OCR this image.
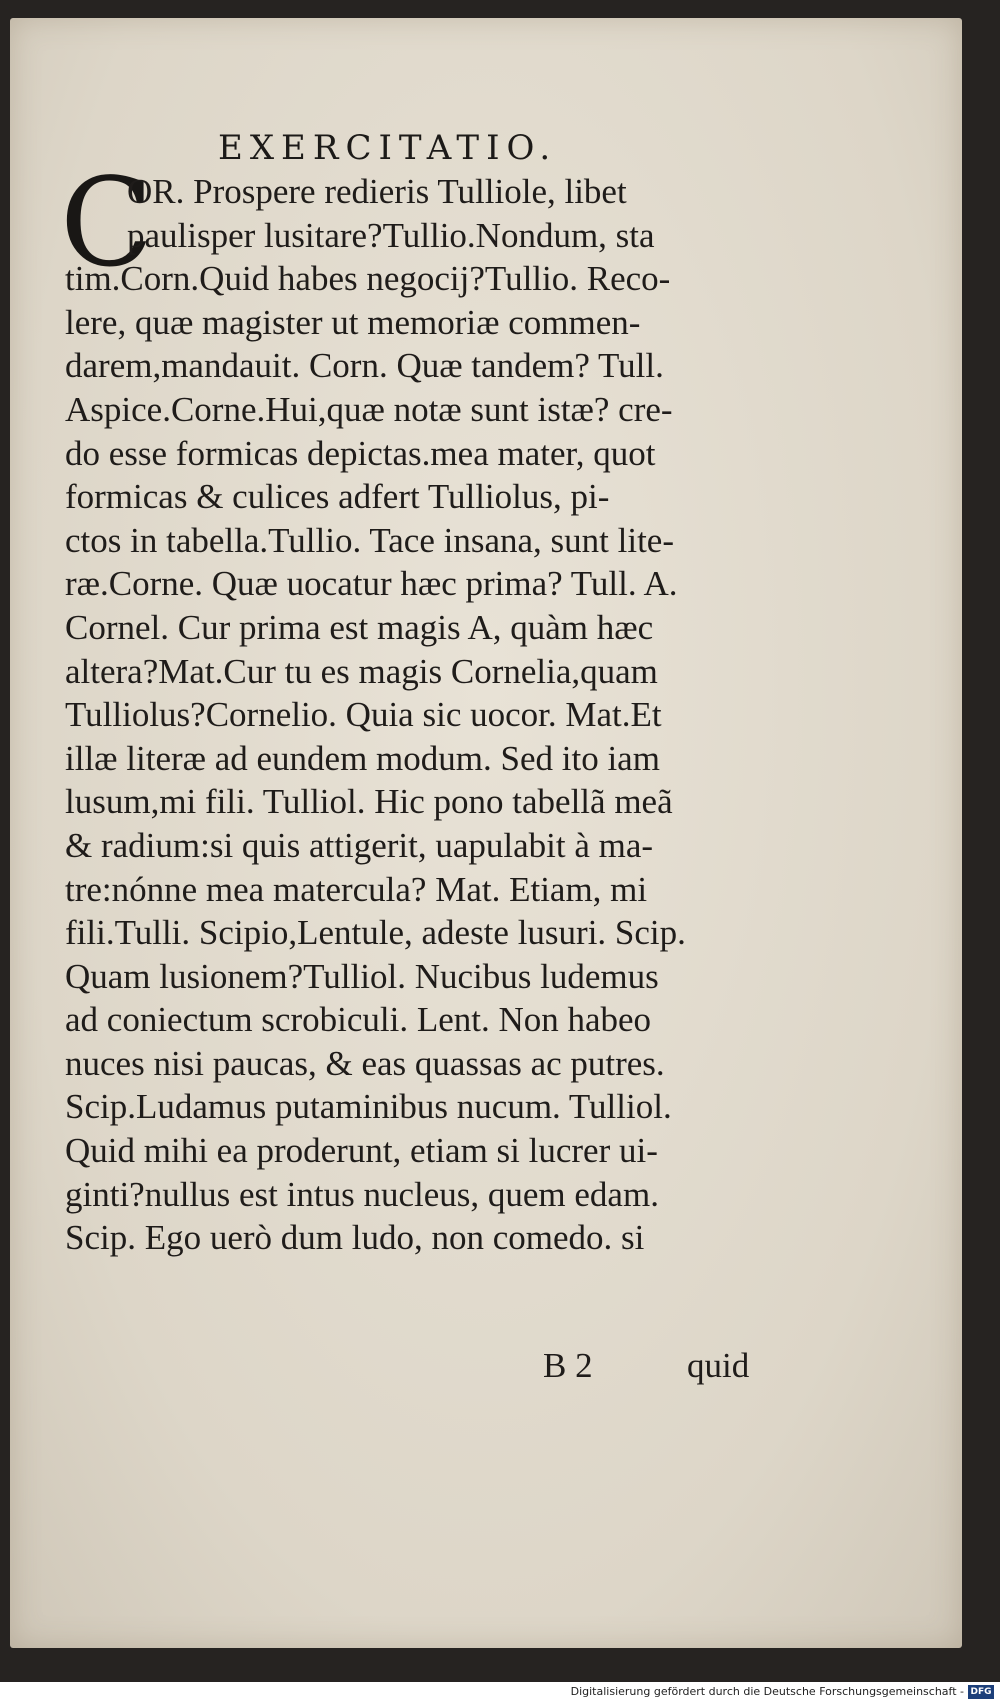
EXERCITATIO.
C
OR. Prospere redieris Tulliole, libet
paulisper lusitare?Tullio.Nondum, sta
tim.Corn.Quid habes negocij?Tullio. Reco-
lere, quæ magister ut memoriæ commen-
darem,mandauit. Corn. Quæ tandem? Tull.
Aspice.Corne.Hui,quæ notæ sunt istæ? cre-
do esse formicas depictas.mea mater, quot
formicas & culices adfert Tulliolus, pi-
ctos in tabella.Tullio. Tace insana, sunt lite-
ræ.Corne. Quæ uocatur hæc prima? Tull. A.
Cornel. Cur prima est magis A, quàm hæc
altera?Mat.Cur tu es magis Cornelia,quam
Tulliolus?Cornelio. Quia sic uocor. Mat.Et
illæ literæ ad eundem modum. Sed ito iam
lusum,mi fili. Tulliol. Hic pono tabellã meã
& radium:si quis attigerit, uapulabit à ma-
tre:nónne mea matercula? Mat. Etiam, mi
fili.Tulli. Scipio,Lentule, adeste lusuri. Scip.
Quam lusionem?Tulliol. Nucibus ludemus
ad coniectum scrobiculi. Lent. Non habeo
nuces nisi paucas, & eas quassas ac putres.
Scip.Ludamus putaminibus nucum. Tulliol.
Quid mihi ea proderunt, etiam si lucrer ui-
ginti?nullus est intus nucleus, quem edam.
Scip. Ego uerò dum ludo, non comedo. si
B 2	quid
Digitalisierung gefördert durch die Deutsche Forschungsgemeinschaft - DFG
